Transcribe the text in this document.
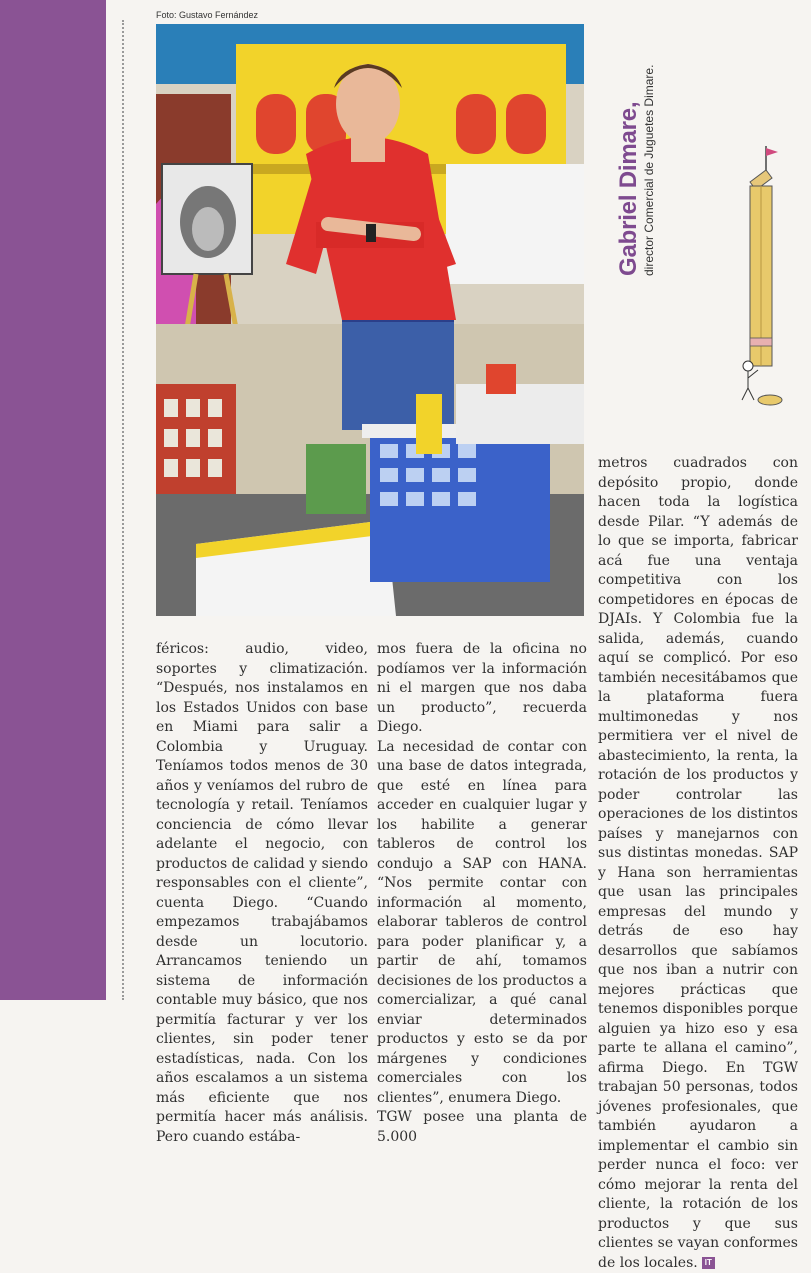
Foto: Gustavo Fernández
Gabriel Dimare, director Comercial de Juguetes Dimare.

féricos: audio, video, soportes y climatización. “Después, nos instalamos en los Estados Unidos con base en Miami para salir a Colombia y Uruguay. Teníamos todos menos de 30 años y veníamos del rubro de tecnología y retail. Teníamos conciencia de cómo llevar adelante el negocio, con productos de calidad y siendo responsables con el cliente”, cuenta Diego. “Cuando empezamos trabajábamos desde un locutorio. Arrancamos teniendo un sistema de información contable muy básico, que nos permitía facturar y ver los clientes, sin poder tener estadísticas, nada. Con los años escalamos a un sistema más eficiente que nos permitía hacer más análisis. Pero cuando estába-

mos fuera de la oficina no podíamos ver la información ni el margen que nos daba un producto”, recuerda Diego.

La necesidad de contar con una base de datos integrada, que esté en línea para acceder en cualquier lugar y los habilite a generar tableros de control los condujo a SAP con HANA. “Nos permite contar con información al momento, elaborar tableros de control para poder planificar y, a partir de ahí, tomamos decisiones de los productos a comercializar, a qué canal enviar determinados productos y esto se da por márgenes y condiciones comerciales con los clientes”, enumera Diego.

TGW posee una planta de 5.000

metros cuadrados con depósito propio, donde hacen toda la logística desde Pilar. “Y además de lo que se importa, fabricar acá fue una ventaja competitiva con los competidores en épocas de DJAIs. Y Colombia fue la salida, además, cuando aquí se complicó. Por eso también necesitábamos que la plataforma fuera multimonedas y nos permitiera ver el nivel de abastecimiento, la renta, la rotación de los productos y poder controlar las operaciones de los distintos países y manejarnos con sus distintas monedas. SAP y Hana son herramientas que usan las principales empresas del mundo y detrás de eso hay desarrollos que sabíamos que nos iban a nutrir con mejores prácticas que tenemos disponibles porque alguien ya hizo eso y esa parte te allana el camino”, afirma Diego. En TGW trabajan 50 personas, todos jóvenes profesionales, que también ayudaron a implementar el cambio sin perder nunca el foco: ver cómo mejorar la renta del cliente, la rotación de los productos y que sus clientes se vayan conformes de los locales. IT
